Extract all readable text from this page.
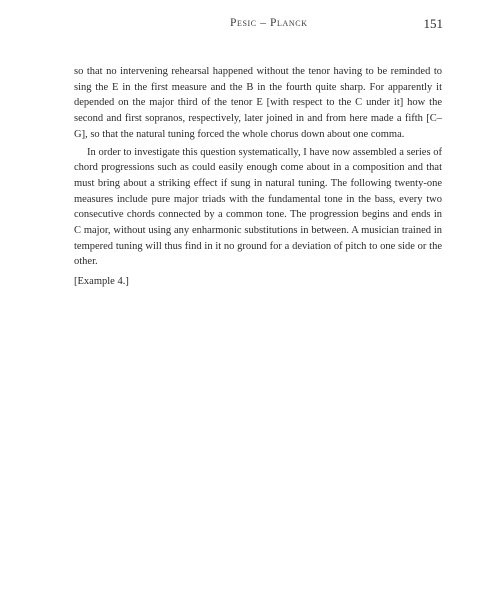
Pesic – Planck	151

so that no intervening rehearsal happened without the tenor having to be reminded to sing the E in the first measure and the B in the fourth quite sharp. For apparently it depended on the major third of the tenor E [with respect to the C under it] how the second and first sopranos, respectively, later joined in and from here made a fifth [C–G], so that the natural tuning forced the whole chorus down about one comma.

In order to investigate this question systematically, I have now assembled a series of chord progressions such as could easily enough come about in a composition and that must bring about a striking effect if sung in natural tuning. The following twenty-one measures include pure major triads with the fundamental tone in the bass, every two consecutive chords connected by a common tone. The progression begins and ends in C major, without using any enharmonic substitutions in between. A musician trained in tempered tuning will thus find in it no ground for a deviation of pitch to one side or the other.

[Example 4.]
